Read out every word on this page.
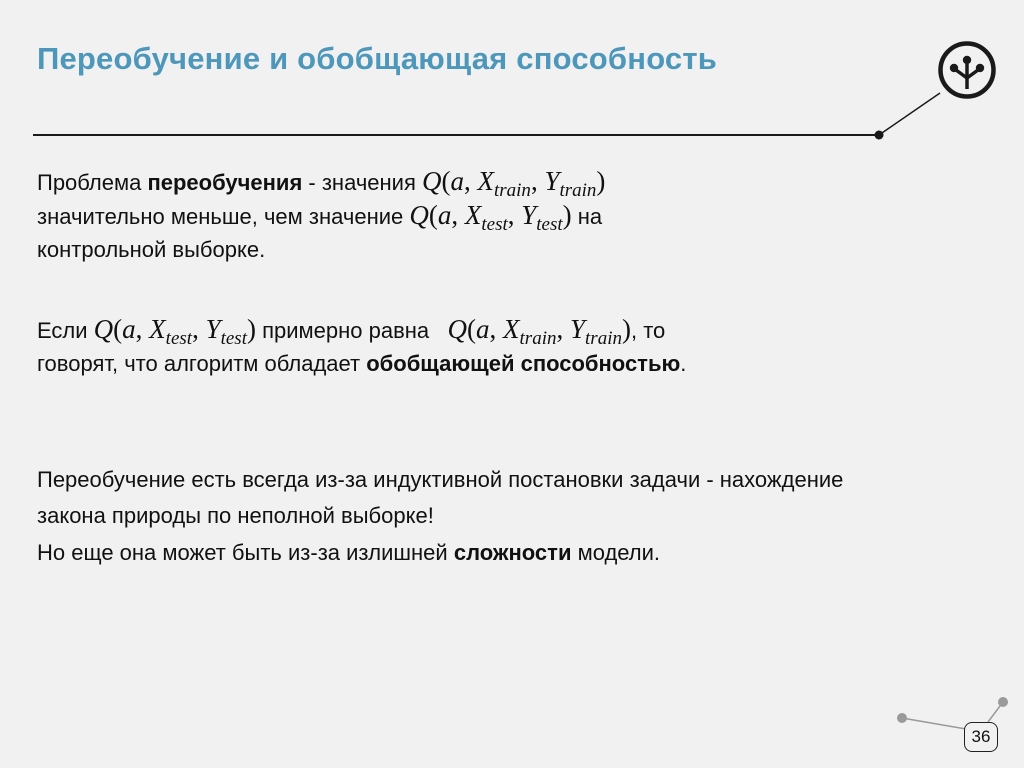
Переобучение и обобщающая способность
Проблема переобучения - значения Q(a, $X_{train}$, $Y_{train}$)
значительно меньше, чем значение Q(a, $X_{test}$, $Y_{test}$) на
контрольной выборке.
Если Q(a, $X_{test}$, $Y_{test}$) примерно равна   Q(a, $X_{train}$, $Y_{train}$), то
говорят, что алгоритм обладает обобщающей способностью.
Переобучение есть всегда из-за индуктивной постановки задачи - нахождение закона природы по неполной выборке!
Но еще она может быть из-за излишней сложности модели.
36
